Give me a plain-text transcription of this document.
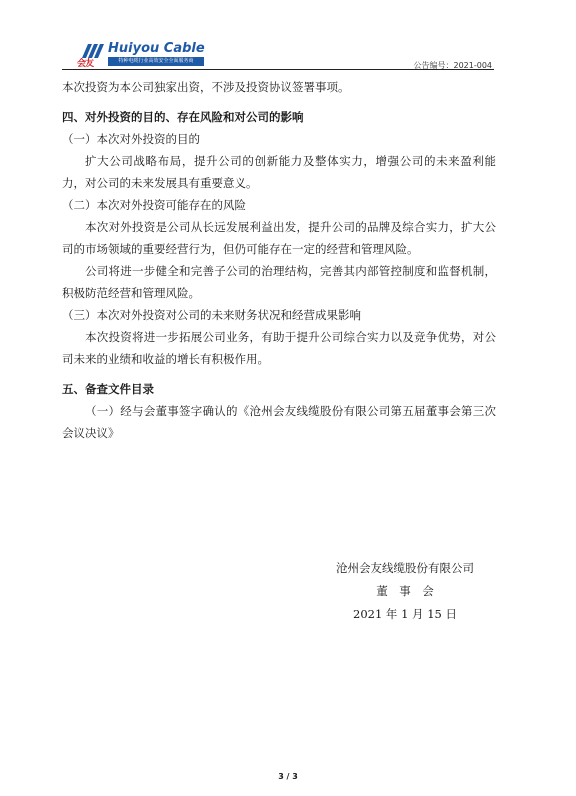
会友
Huiyou Cable
特种电缆行业高效安全全面服务商	公告编号：2021-004

本次投资为本公司独家出资，不涉及投资协议签署事项。

四、对外投资的目的、存在风险和对公司的影响

（一）本次对外投资的目的

扩大公司战略布局，提升公司的创新能力及整体实力，增强公司的未来盈利能力，对公司的未来发展具有重要意义。

（二）本次对外投资可能存在的风险

本次对外投资是公司从长远发展利益出发，提升公司的品牌及综合实力，扩大公司的市场领域的重要经营行为，但仍可能存在一定的经营和管理风险。

公司将进一步健全和完善子公司的治理结构，完善其内部管控制度和监督机制，积极防范经营和管理风险。

（三）本次对外投资对公司的未来财务状况和经营成果影响

本次投资将进一步拓展公司业务，有助于提升公司综合实力以及竞争优势，对公司未来的业绩和收益的增长有积极作用。

五、备查文件目录

（一）经与会董事签字确认的《沧州会友线缆股份有限公司第五届董事会第三次会议决议》

沧州会友线缆股份有限公司
董　事　会
2021 年 1 月 15 日
3 / 3
